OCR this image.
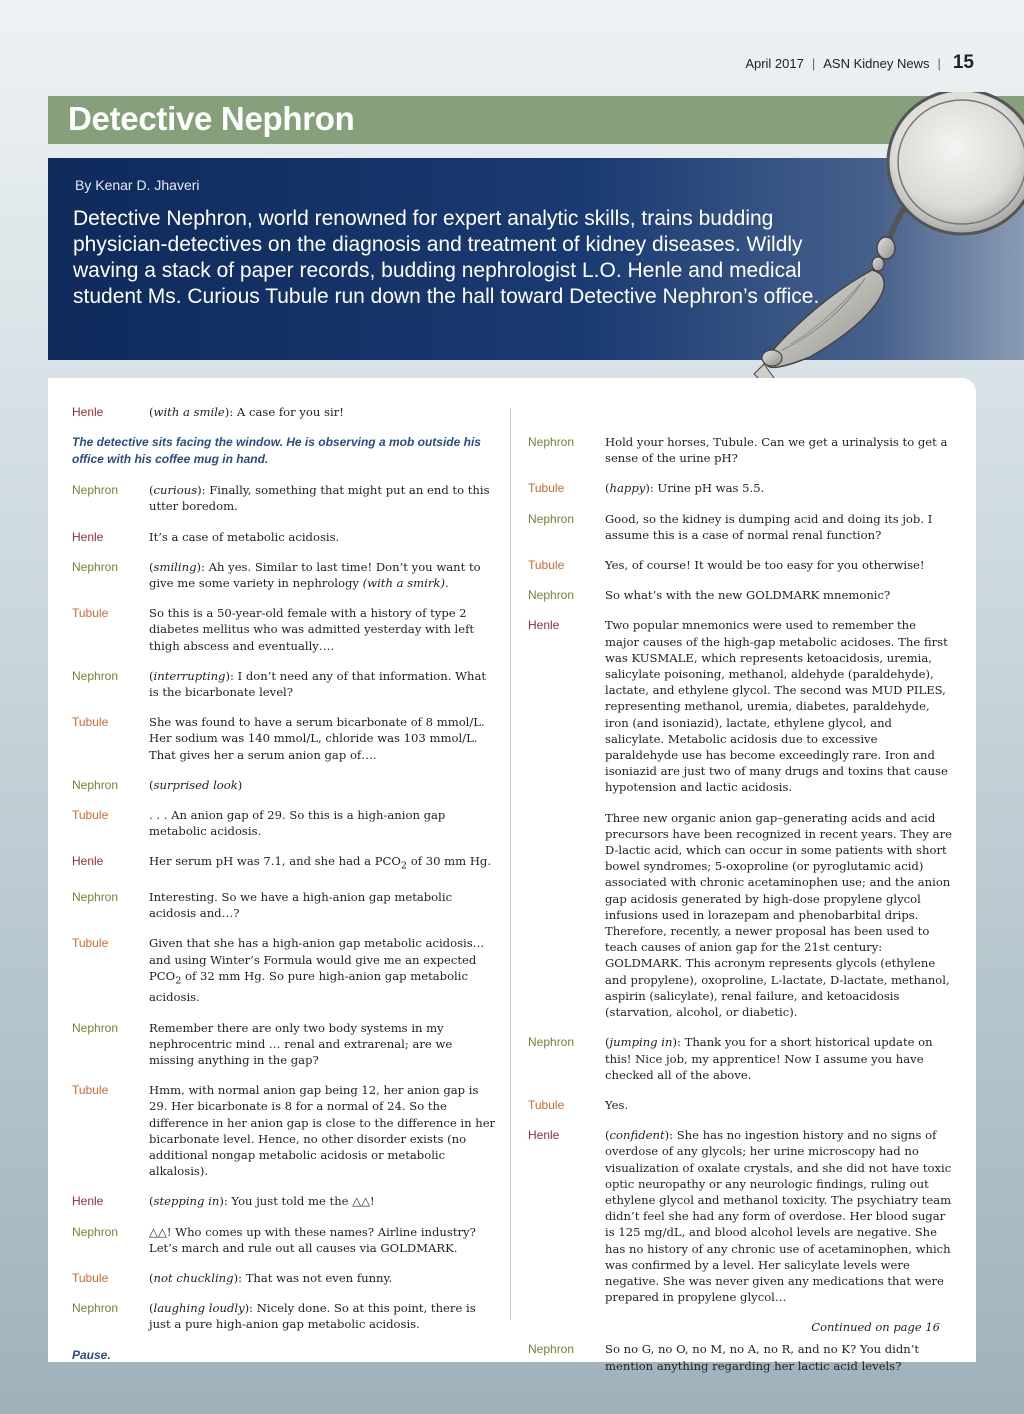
April 2017 | ASN Kidney News | 15
Detective Nephron
By Kenar D. Jhaveri
Detective Nephron, world renowned for expert analytic skills, trains budding physician-detectives on the diagnosis and treatment of kidney diseases. Wildly waving a stack of paper records, budding nephrologist L.O. Henle and medical student Ms. Curious Tubule run down the hall toward Detective Nephron’s office.
Henle	(with a smile): A case for you sir!
The detective sits facing the window. He is observing a mob outside his office with his coffee mug in hand.
Nephron	(curious): Finally, something that might put an end to this utter boredom.
Henle	It’s a case of metabolic acidosis.
Nephron	(smiling): Ah yes. Similar to last time! Don’t you want to give me some variety in nephrology (with a smirk).
Tubule	So this is a 50-year-old female with a history of type 2 diabetes mellitus who was admitted yesterday with left thigh abscess and eventually….
Nephron	(interrupting): I don’t need any of that information. What is the bicarbonate level?
Tubule	She was found to have a serum bicarbonate of 8 mmol/L. Her sodium was 140 mmol/L, chloride was 103 mmol/L. That gives her a serum anion gap of….
Nephron	(surprised look)
Tubule	. . . An anion gap of 29. So this is a high-anion gap metabolic acidosis.
Henle	Her serum pH was 7.1, and she had a $PCO_2$ of 30 mm Hg.
Nephron	Interesting. So we have a high-anion gap metabolic acidosis and…?
Tubule	Given that she has a high-anion gap metabolic acidosis…and using Winter’s Formula would give me an expected $PCO_2$ of 32 mm Hg. So pure high-anion gap metabolic acidosis.
Nephron	Remember there are only two body systems in my nephrocentric mind … renal and extrarenal; are we missing anything in the gap?
Tubule	Hmm, with normal anion gap being 12, her anion gap is 29. Her bicarbonate is 8 for a normal of 24. So the difference in her anion gap is close to the difference in her bicarbonate level. Hence, no other disorder exists (no additional nongap metabolic acidosis or metabolic alkalosis).
Henle	(stepping in): You just told me the △△!
Nephron	△△! Who comes up with these names? Airline industry? Let’s march and rule out all causes via GOLDMARK.
Tubule	(not chuckling): That was not even funny.
Nephron	(laughing loudly): Nicely done. So at this point, there is just a pure high-anion gap metabolic acidosis.
Pause.
Nephron	Hold your horses, Tubule. Can we get a urinalysis to get a sense of the urine pH?
Tubule	(happy): Urine pH was 5.5.
Nephron	Good, so the kidney is dumping acid and doing its job. I assume this is a case of normal renal function?
Tubule	Yes, of course! It would be too easy for you otherwise!
Nephron	So what’s with the new GOLDMARK mnemonic?
Henle	Two popular mnemonics were used to remember the major causes of the high-gap metabolic acidoses. The first was KUSMALE, which represents ketoacidosis, uremia, salicylate poisoning, methanol, aldehyde (paraldehyde), lactate, and ethylene glycol. The second was MUD PILES, representing methanol, uremia, diabetes, paraldehyde, iron (and isoniazid), lactate, ethylene glycol, and salicylate. Metabolic acidosis due to excessive paraldehyde use has become exceedingly rare. Iron and isoniazid are just two of many drugs and toxins that cause hypotension and lactic acidosis.
Three new organic anion gap–generating acids and acid precursors have been recognized in recent years. They are D-lactic acid, which can occur in some patients with short bowel syndromes; 5-oxoproline (or pyroglutamic acid) associated with chronic acetaminophen use; and the anion gap acidosis generated by high-dose propylene glycol infusions used in lorazepam and phenobarbital drips. Therefore, recently, a newer proposal has been used to teach causes of anion gap for the 21st century: GOLDMARK. This acronym represents glycols (ethylene and propylene), oxoproline, L-lactate, D-lactate, methanol, aspirin (salicylate), renal failure, and ketoacidosis (starvation, alcohol, or diabetic).
Nephron	(jumping in): Thank you for a short historical update on this! Nice job, my apprentice! Now I assume you have checked all of the above.
Tubule	Yes.
Henle	(confident): She has no ingestion history and no signs of overdose of any glycols; her urine microscopy had no visualization of oxalate crystals, and she did not have toxic optic neuropathy or any neurologic findings, ruling out ethylene glycol and methanol toxicity. The psychiatry team didn’t feel she had any form of overdose. Her blood sugar is 125 mg/dL, and blood alcohol levels are negative. She has no history of any chronic use of acetaminophen, which was confirmed by a level. Her salicylate levels were negative. She was never given any medications that were prepared in propylene glycol…
Nephron	So no G, no O, no M, no A, no R, and no K? You didn’t mention anything regarding her lactic acid levels?
Continued on page 16
